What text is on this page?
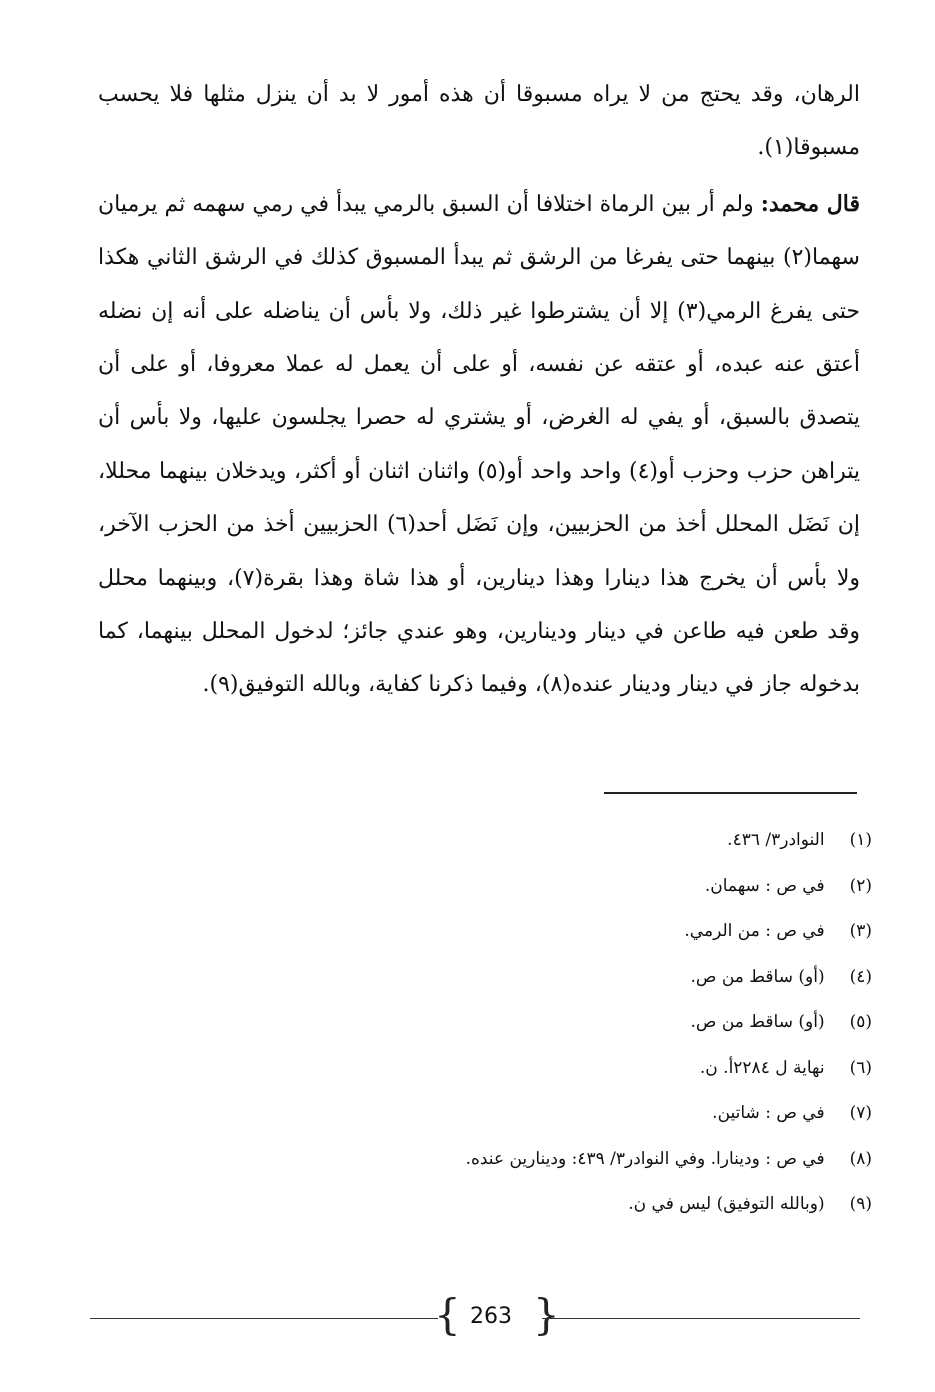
الرهان، وقد يحتج من لا يراه مسبوقا أن هذه أمور لا بد أن ينزل مثلها فلا يحسب مسبوقا(١).

قال محمد: ولم أر بين الرماة اختلافا أن السبق بالرمي يبدأ في رمي سهمه ثم يرميان سهما(٢) بينهما حتى يفرغا من الرشق ثم يبدأ المسبوق كذلك في الرشق الثاني هكذا حتى يفرغ الرمي(٣) إلا أن يشترطوا غير ذلك، ولا بأس أن يناضله على أنه إن نضله أعتق عنه عبده، أو عتقه عن نفسه، أو على أن يعمل له عملا معروفا، أو على أن يتصدق بالسبق، أو يفي له الغرض، أو يشتري له حصرا يجلسون عليها، ولا بأس أن يتراهن حزب وحزب أو(٤) واحد واحد أو(٥) واثنان اثنان أو أكثر، ويدخلان بينهما محللا، إن نَضَل المحلل أخذ من الحزبيين، وإن نَضَل أحد(٦) الحزبيين أخذ من الحزب الآخر، ولا بأس أن يخرج هذا دينارا وهذا دينارين، أو هذا شاة وهذا بقرة(٧)، وبينهما محلل وقد طعن فيه طاعن في دينار ودينارين، وهو عندي جائز؛ لدخول المحلل بينهما، كما بدخوله جاز في دينار ودينار عنده(٨)، وفيما ذكرنا كفاية، وبالله التوفيق(٩).

(١) النوادر٣/ ٤٣٦.
(٢) في ص : سهمان.
(٣) في ص : من الرمي.
(٤) (أو) ساقط من ص.
(٥) (أو) ساقط من ص.
(٦) نهاية ل ٢٢٨٤أ. ن.
(٧) في ص : شاتين.
(٨) في ص : ودينارا. وفي النوادر٣/ ٤٣٩: ودينارين عنده.
(٩) (وبالله التوفيق) ليس في ن.
{ 263 }
